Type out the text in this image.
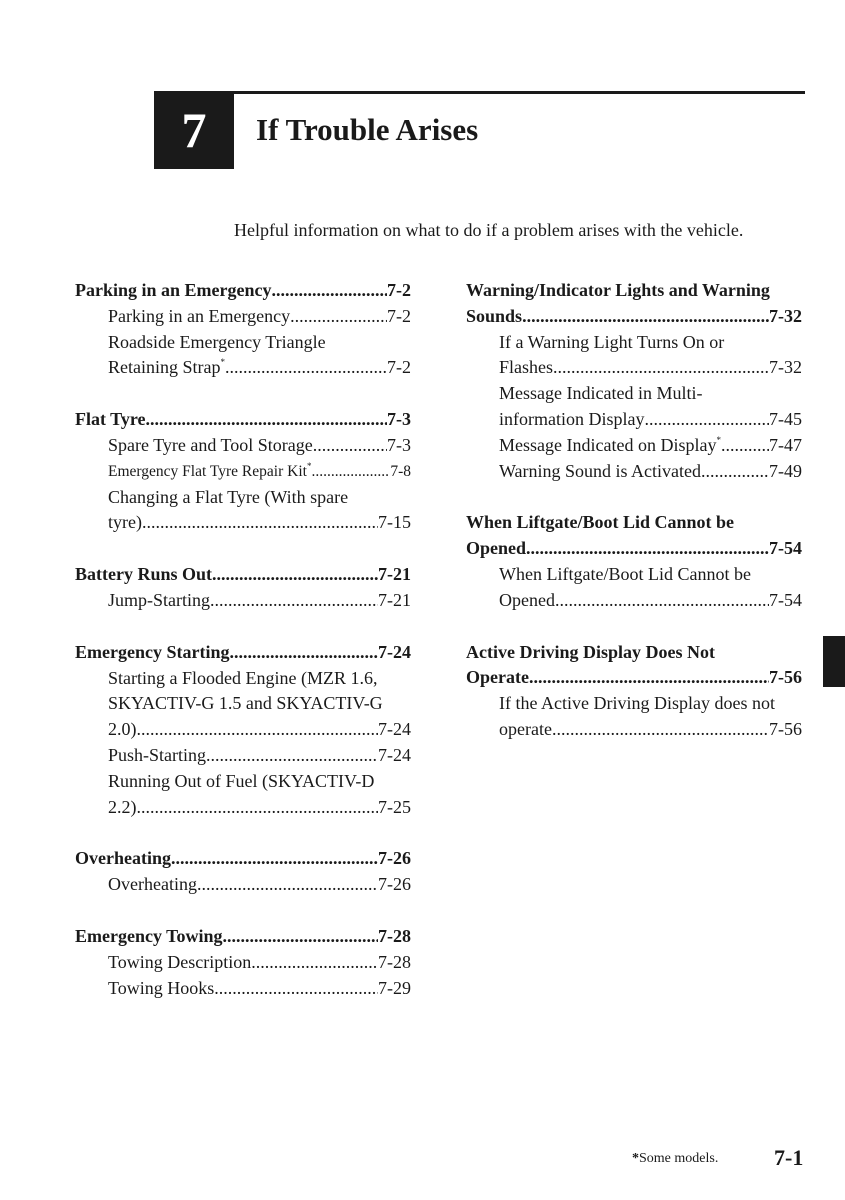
7 If Trouble Arises
Helpful information on what to do if a problem arises with the vehicle.
Parking in an Emergency .....	7-2
Parking in an Emergency .....	7-2
Roadside Emergency Triangle
Retaining Strap* .....	7-2
Flat Tyre .....	7-3
Spare Tyre and Tool Storage .....	7-3
Emergency Flat Tyre Repair Kit* .....	7-8
Changing a Flat Tyre (With spare
tyre) .....	7-15
Battery Runs Out .....	7-21
Jump-Starting .....	7-21
Emergency Starting .....	7-24
Starting a Flooded Engine (MZR 1.6,
SKYACTIV-G 1.5 and SKYACTIV-G
2.0) .....	7-24
Push-Starting .....	7-24
Running Out of Fuel (SKYACTIV-D
2.2) .....	7-25
Overheating .....	7-26
Overheating .....	7-26
Emergency Towing .....	7-28
Towing Description .....	7-28
Towing Hooks .....	7-29
Warning/Indicator Lights and Warning
Sounds .....	7-32
If a Warning Light Turns On or
Flashes .....	7-32
Message Indicated in Multi-
information Display .....	7-45
Message Indicated on Display* .....	7-47
Warning Sound is Activated .....	7-49
When Liftgate/Boot Lid Cannot be
Opened .....	7-54
When Liftgate/Boot Lid Cannot be
Opened .....	7-54
Active Driving Display Does Not
Operate .....	7-56
If the Active Driving Display does not
operate .....	7-56
*Some models.	7-1
